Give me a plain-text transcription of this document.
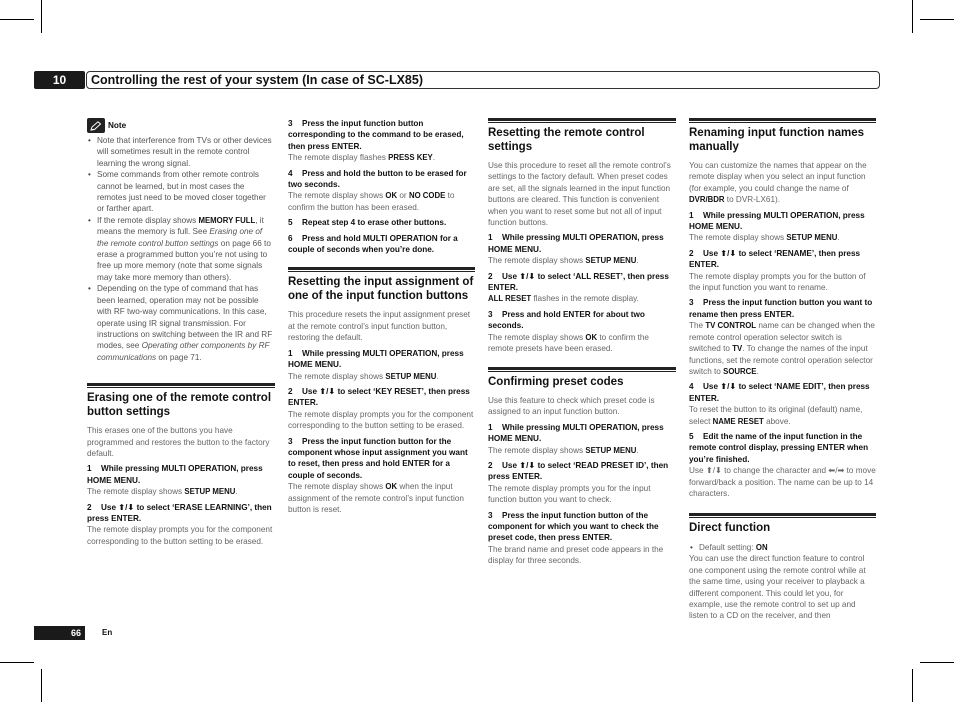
10	Controlling the rest of your system (In case of SC-LX85)
Note
• Note that interference from TVs or other devices will sometimes result in the remote control learning the wrong signal.
• Some commands from other remote controls cannot be learned, but in most cases the remotes just need to be moved closer together or farther apart.
• If the remote display shows MEMORY FULL, it means the memory is full. See Erasing one of the remote control button settings on page 66 to erase a programmed button you’re not using to free up more memory (note that some signals may take more memory than others).
• Depending on the type of command that has been learned, operation may not be possible with RF two-way communications. In this case, operate using IR signal transmission. For instructions on switching between the IR and RF modes, see Operating other components by RF communications on page 71.
Erasing one of the remote control button settings

This erases one of the buttons you have programmed and restores the button to the factory default.

1 While pressing MULTI OPERATION, press HOME MENU.

The remote display shows SETUP MENU.

2 Use ⬆/⬇ to select ‘ERASE LEARNING’, then press ENTER.

The remote display prompts you for the component corresponding to the button setting to be erased.

3 Press the input function button corresponding to the command to be erased, then press ENTER.

The remote display flashes PRESS KEY.

4 Press and hold the button to be erased for two seconds.

The remote display shows OK or NO CODE to confirm the button has been erased.

5 Repeat step 4 to erase other buttons.

6 Press and hold MULTI OPERATION for a couple of seconds when you’re done.

Resetting the input assignment of one of the input function buttons

This procedure resets the input assignment preset at the remote control’s input function button, restoring the default.

1 While pressing MULTI OPERATION, press HOME MENU.

The remote display shows SETUP MENU.

2 Use ⬆/⬇ to select ‘KEY RESET’, then press ENTER.

The remote display prompts you for the component corresponding to the button setting to be erased.

3 Press the input function button for the component whose input assignment you want to reset, then press and hold ENTER for a couple of seconds.

The remote display shows OK when the input assignment of the remote control’s input function button is reset.

Resetting the remote control settings

Use this procedure to reset all the remote control’s settings to the factory default. When preset codes are set, all the signals learned in the input function buttons are cleared. This function is convenient when you want to reset some but not all of input function buttons.

1 While pressing MULTI OPERATION, press HOME MENU.

The remote display shows SETUP MENU.

2 Use ⬆/⬇ to select ‘ALL RESET’, then press ENTER.

ALL RESET flashes in the remote display.

3 Press and hold ENTER for about two seconds.

The remote display shows OK to confirm the remote presets have been erased.

Confirming preset codes

Use this feature to check which preset code is assigned to an input function button.

1 While pressing MULTI OPERATION, press HOME MENU.

The remote display shows SETUP MENU.

2 Use ⬆/⬇ to select ‘READ PRESET ID’, then press ENTER.

The remote display prompts you for the input function button you want to check.

3 Press the input function button of the component for which you want to check the preset code, then press ENTER.

The brand name and preset code appears in the display for three seconds.

Renaming input function names manually

You can customize the names that appear on the remote display when you select an input function (for example, you could change the name of DVR/BDR to DVR-LX61).

1 While pressing MULTI OPERATION, press HOME MENU.

The remote display shows SETUP MENU.

2 Use ⬆/⬇ to select ‘RENAME’, then press ENTER.

The remote display prompts you for the button of the input function you want to rename.

3 Press the input function button you want to rename then press ENTER.

The TV CONTROL name can be changed when the remote control operation selector switch is switched to TV. To change the names of the input functions, set the remote control operation selector switch to SOURCE.

4 Use ⬆/⬇ to select ‘NAME EDIT’, then press ENTER.

To reset the button to its original (default) name, select NAME RESET above.

5 Edit the name of the input function in the remote control display, pressing ENTER when you’re finished.

Use ⬆/⬇ to change the character and ⬅/➡ to move forward/back a position. The name can be up to 14 characters.

Direct function
• Default setting: ON

You can use the direct function feature to control one component using the remote control while at the same time, using your receiver to playback a different component. This could let you, for example, use the remote control to set up and listen to a CD on the receiver, and then

66	En
